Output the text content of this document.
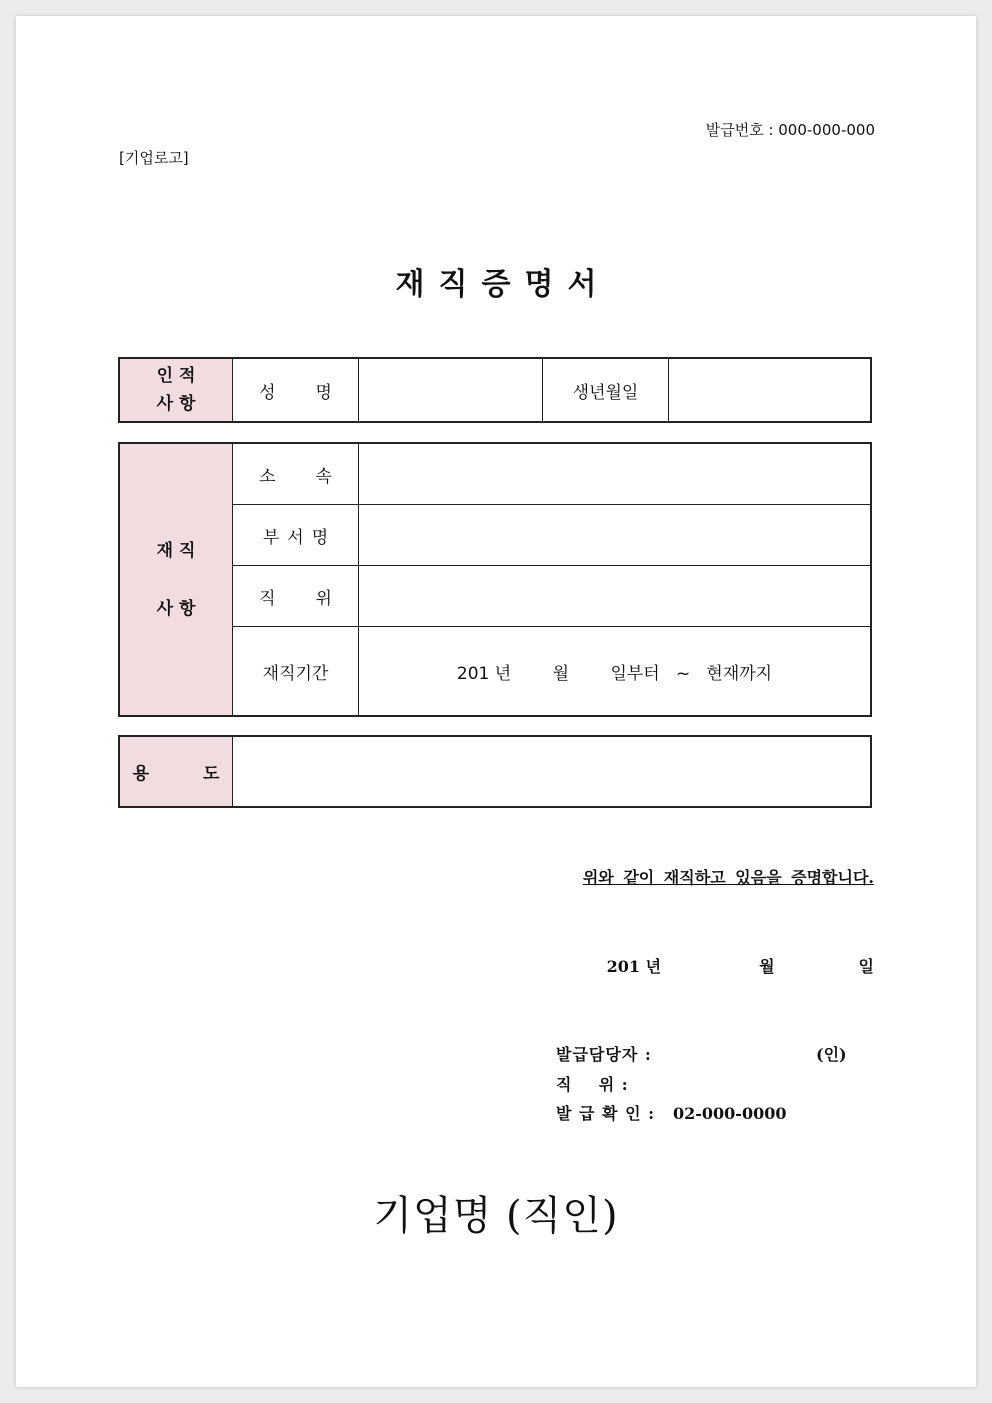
발급번호 : 000-000-000
[기업로고]
재직증명서
인 적
사 항	성명		생년월일	
재 직
사 항	소속	
	부서명	
	직위	
	재직기간	201 년 월 일부터 ~ 현재까지
용 도	
위와 같이 재직하고 있음을 증명합니다.
201 년	월	일
발급담당자 :	(인)
직    위 :
발 급 확 인 : 02-000-0000
기업명 (직인)
